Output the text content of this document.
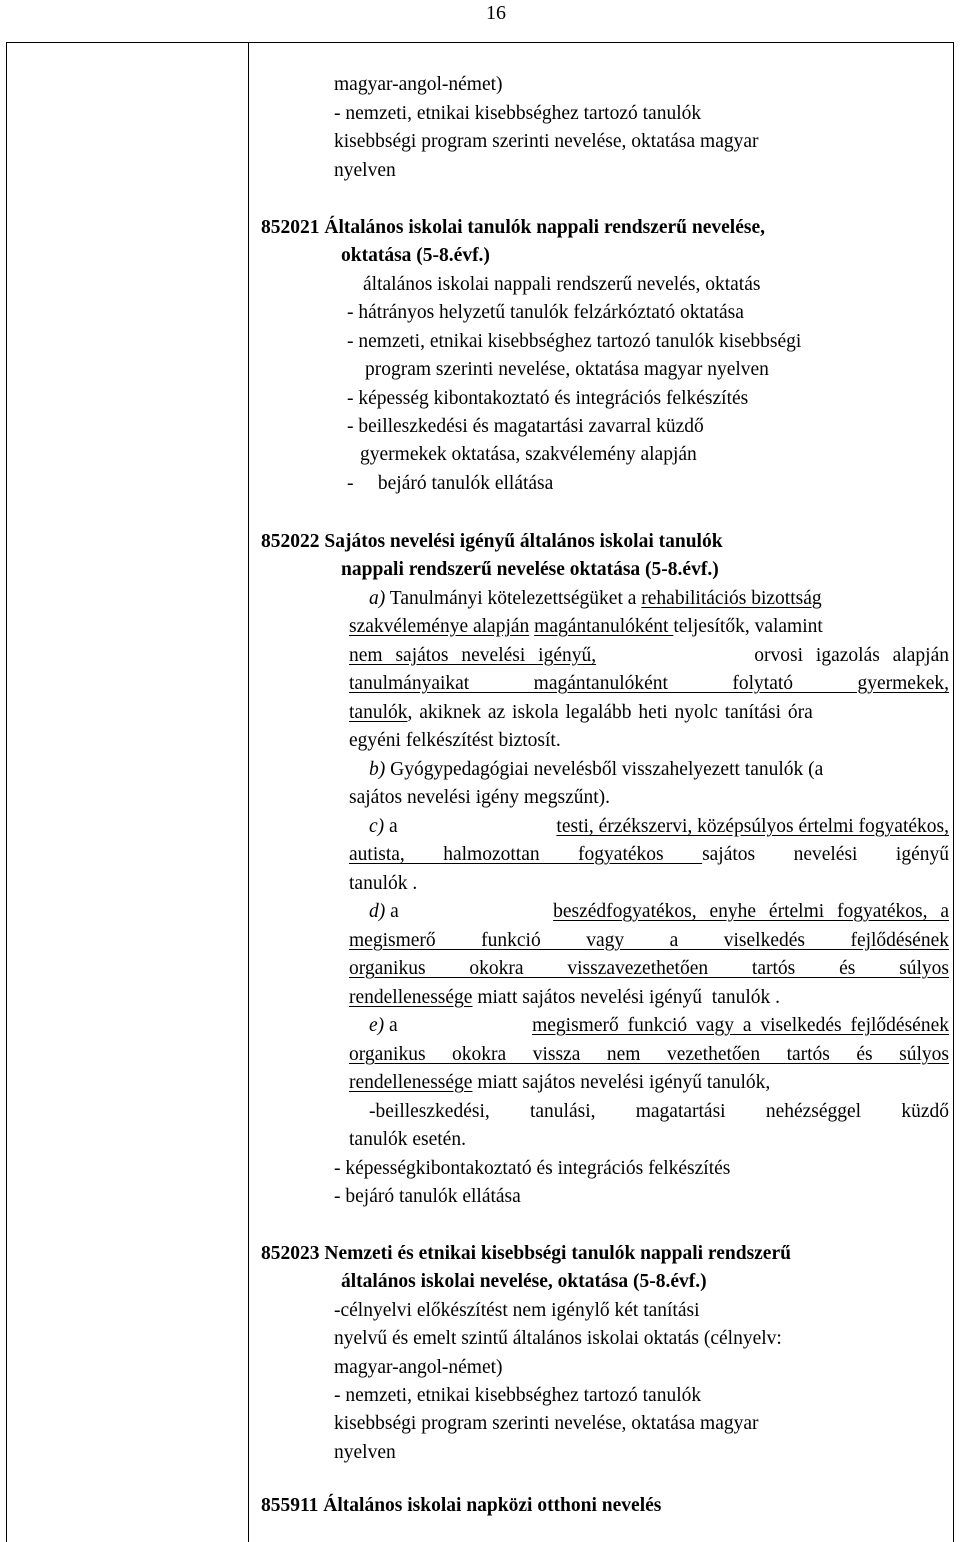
16
magyar-angol-német)
- nemzeti, etnikai kisebbséghez tartozó tanulók
kisebbségi program szerinti nevelése, oktatása magyar
nyelven
852021 Általános iskolai tanulók nappali rendszerű nevelése,
oktatása (5-8.évf.)
általános iskolai nappali rendszerű nevelés, oktatás
- hátrányos helyzetű tanulók felzárkóztató oktatása
- nemzeti, etnikai kisebbséghez tartozó tanulók kisebbségi
program szerinti nevelése, oktatása magyar nyelven
- képesség kibontakoztató és integrációs felkészítés
- beilleszkedési és magatartási zavarral küzdő
gyermekek oktatása, szakvélemény alapján
-     bejáró tanulók ellátása
852022 Sajátos nevelési igényű általános iskolai tanulók
nappali rendszerű nevelése oktatása (5-8.évf.)
a) Tanulmányi kötelezettségüket a rehabilitációs bizottság
szakvéleménye alapján magántanulóként teljesítők, valamint
nem sajátos nevelési igényű,	orvosi igazolás alapján
tanulmányaikat magántanulóként folytató gyermekek,
tanulók, akiknek az iskola legalább heti nyolc tanítási óra
egyéni felkészítést biztosít.
b) Gyógypedagógiai nevelésből visszahelyezett tanulók (a
sajátos nevelési igény megszűnt).
c) a	testi, érzékszervi, középsúlyos értelmi fogyatékos,
autista, halmozottan fogyatékos sajátos nevelési igényű
tanulók .
d) a	beszédfogyatékos, enyhe értelmi fogyatékos, a
megismerő funkció vagy a viselkedés fejlődésének
organikus okokra visszavezethetően tartós és súlyos
rendellenessége miatt sajátos nevelési igényű  tanulók .
e) a	megismerő funkció vagy a viselkedés fejlődésének
organikus okokra vissza nem vezethetően tartós és súlyos
rendellenessége miatt sajátos nevelési igényű tanulók,
-beilleszkedési, tanulási, magatartási nehézséggel küzdő
tanulók esetén.
- képességkibontakoztató és integrációs felkészítés
- bejáró tanulók ellátása
852023 Nemzeti és etnikai kisebbségi tanulók nappali rendszerű
általános iskolai nevelése, oktatása (5-8.évf.)
-célnyelvi előkészítést nem igénylő két tanítási
nyelvű és emelt szintű általános iskolai oktatás (célnyelv:
magyar-angol-német)
- nemzeti, etnikai kisebbséghez tartozó tanulók
kisebbségi program szerinti nevelése, oktatása magyar
nyelven
855911 Általános iskolai napközi otthoni nevelés
